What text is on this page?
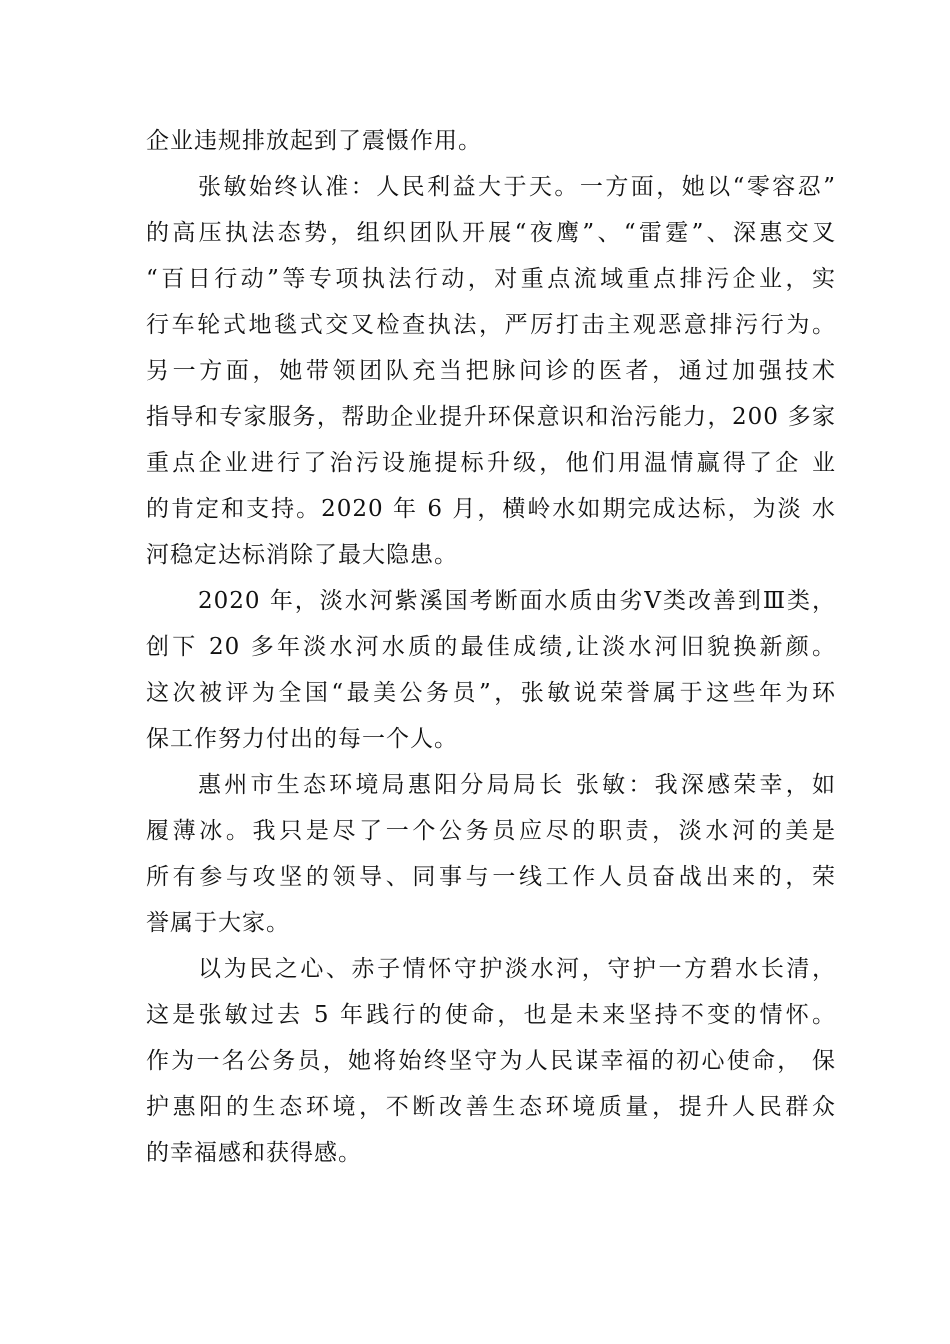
企业违规排放起到了震慑作用。
张敏始终认准：人民利益大于天。一方面，她以“零容忍”
的高压执法态势，组织团队开展“夜鹰”、“雷霆”、深惠交叉
“百日行动”等专项执法行动，对重点流域重点排污企业，实
行车轮式地毯式交叉检查执法，严厉打击主观恶意排污行为。
另一方面，她带领团队充当把脉问诊的医者，通过加强技术
指导和专家服务，帮助企业提升环保意识和治污能力，200 多家
重点企业进行了治污设施提标升级，他们用温情赢得了企 业
的肯定和支持。2020 年 6 月，横岭水如期完成达标，为淡 水
河稳定达标消除了最大隐患。
2020 年，淡水河紫溪国考断面水质由劣Ⅴ类改善到Ⅲ类，
创下 20 多年淡水河水质的最佳成绩,让淡水河旧貌换新颜。
这次被评为全国“最美公务员”，张敏说荣誉属于这些年为环
保工作努力付出的每一个人。
惠州市生态环境局惠阳分局局长 张敏：我深感荣幸，如
履薄冰。我只是尽了一个公务员应尽的职责，淡水河的美是
所有参与攻坚的领导、同事与一线工作人员奋战出来的，荣
誉属于大家。
以为民之心、赤子情怀守护淡水河，守护一方碧水长清，
这是张敏过去 5 年践行的使命，也是未来坚持不变的情怀。
作为一名公务员，她将始终坚守为人民谋幸福的初心使命， 保
护惠阳的生态环境，不断改善生态环境质量，提升人民群众
的幸福感和获得感。
